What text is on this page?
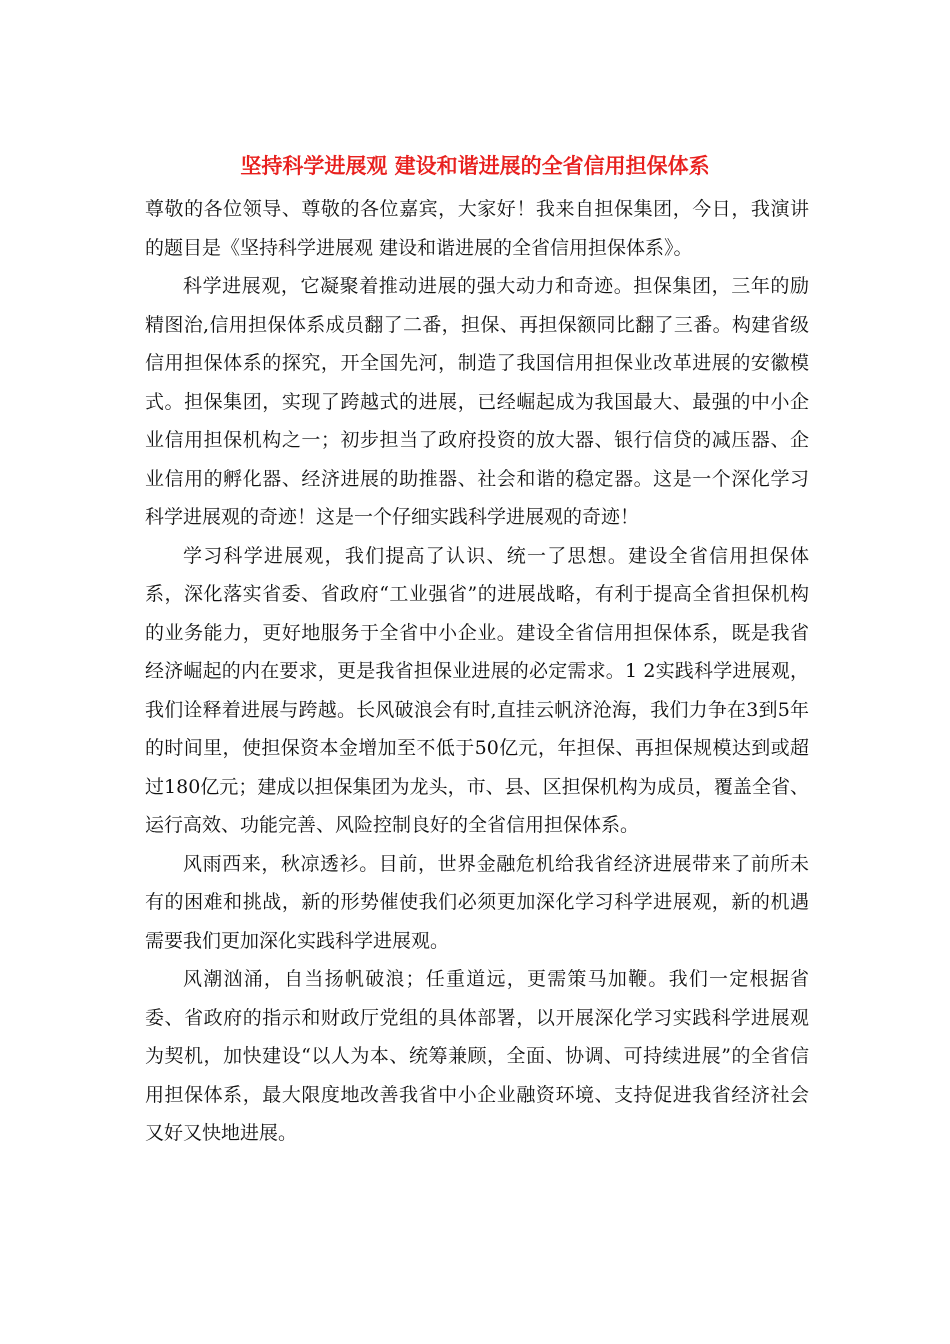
坚持科学进展观 建设和谐进展的全省信用担保体系

尊敬的各位领导、尊敬的各位嘉宾，大家好！我来自担保集团，今日，我演讲的题目是《坚持科学进展观 建设和谐进展的全省信用担保体系》。

科学进展观，它凝聚着推动进展的强大动力和奇迹。担保集团，三年的励精图治,信用担保体系成员翻了二番，担保、再担保额同比翻了三番。构建省级信用担保体系的探究，开全国先河，制造了我国信用担保业改革进展的安徽模式。担保集团，实现了跨越式的进展，已经崛起成为我国最大、最强的中小企业信用担保机构之一；初步担当了政府投资的放大器、银行信贷的减压器、企业信用的孵化器、经济进展的助推器、社会和谐的稳定器。这是一个深化学习科学进展观的奇迹！这是一个仔细实践科学进展观的奇迹！

学习科学进展观，我们提高了认识、统一了思想。建设全省信用担保体系，深化落实省委、省政府“工业强省”的进展战略，有利于提高全省担保机构的业务能力，更好地服务于全省中小企业。建设全省信用担保体系，既是我省经济崛起的内在要求，更是我省担保业进展的必定需求。1 2实践科学进展观，我们诠释着进展与跨越。长风破浪会有时,直挂云帆济沧海，我们力争在3到5年的时间里，使担保资本金增加至不低于50亿元，年担保、再担保规模达到或超过180亿元；建成以担保集团为龙头，市、县、区担保机构为成员，覆盖全省、运行高效、功能完善、风险控制良好的全省信用担保体系。

风雨西来，秋凉透衫。目前，世界金融危机给我省经济进展带来了前所未有的困难和挑战，新的形势催使我们必须更加深化学习科学进展观，新的机遇需要我们更加深化实践科学进展观。

风潮汹涌，自当扬帆破浪；任重道远，更需策马加鞭。我们一定根据省委、省政府的指示和财政厅党组的具体部署，以开展深化学习实践科学进展观为契机，加快建设“以人为本、统筹兼顾，全面、协调、可持续进展”的全省信用担保体系，最大限度地改善我省中小企业融资环境、支持促进我省经济社会又好又快地进展。
